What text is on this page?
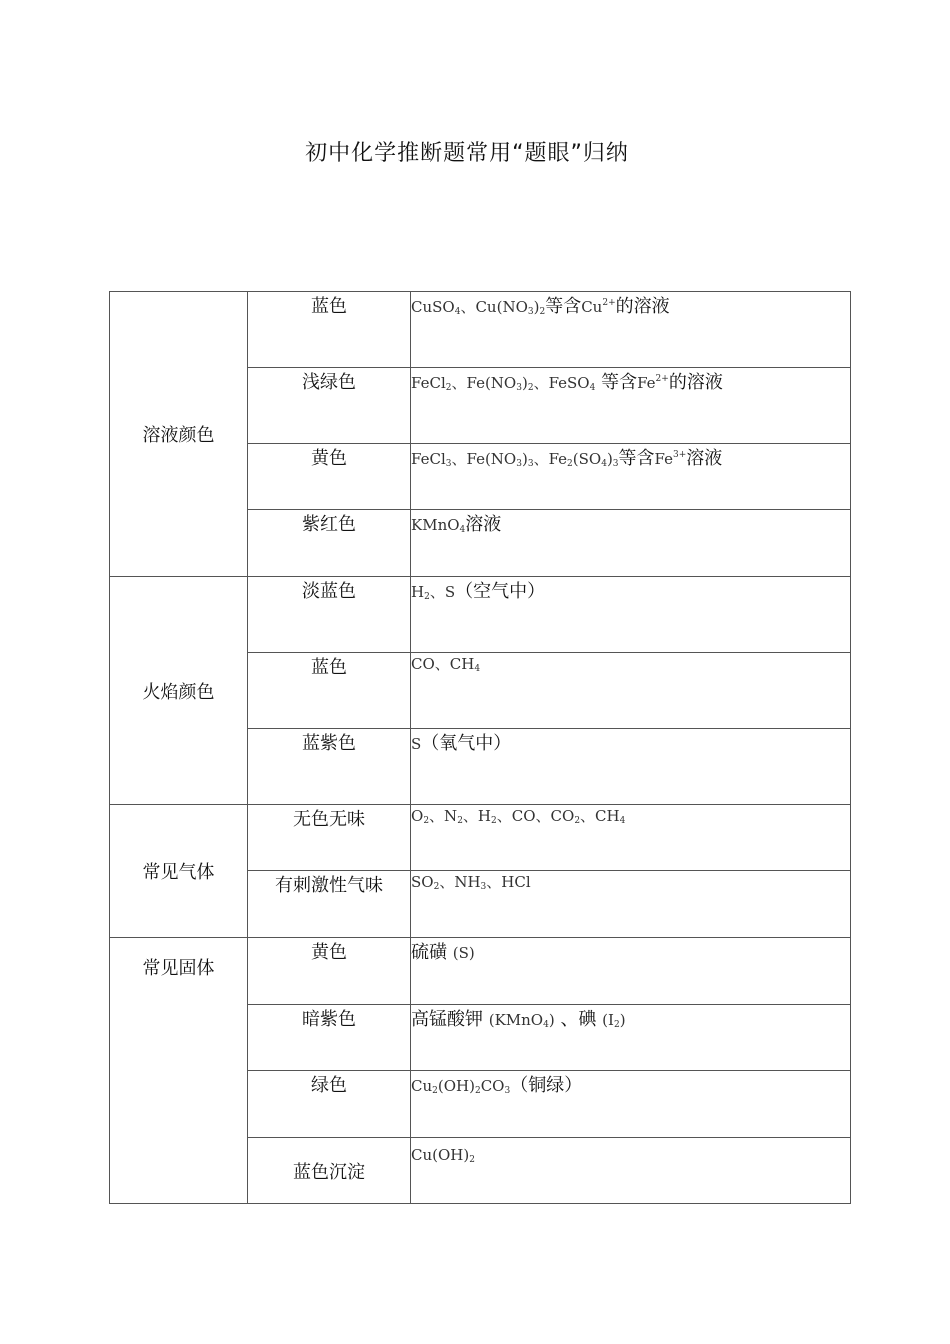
初中化学推断题常用“题眼”归纳
溶液颜色	蓝色	CuSO$_4$、$Cu(NO_3)_2$等含$Cu^{2+}$的溶液
	浅绿色	FeCl$_2$、$Fe(NO_3)_2$、FeSO$_4$ 等含$Fe^{2+}$的溶液
	黄色	FeCl$_3$、$Fe(NO_3)_3$、$Fe_2(SO_4)_3$等含$Fe^{3+}$溶液
	紫红色	KMnO$_4$溶液
火焰颜色	淡蓝色	$H_2$、S（空气中）
	蓝色	CO、$CH_4$
	蓝紫色	S（氧气中）
常见气体	无色无味	$O_2$、$N_2$、$H_2$、CO、$CO_2$、$CH_4$
	有刺激性气味	$SO_2$、$NH_3$、HCl
常见固体	黄色	硫磺 (S)
	暗紫色	高锰酸钾 (KMnO$_4$) 、碘 $(I_2)$
	绿色	$Cu_2(OH)_2CO_3$（铜绿）
	蓝色沉淀	$Cu(OH)_2$
